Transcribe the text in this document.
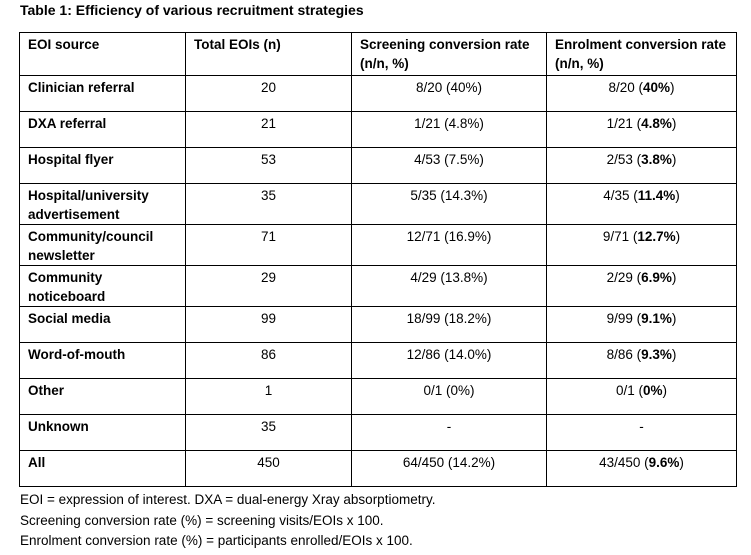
Table 1: Efficiency of various recruitment strategies
EOI source	Total EOIs (n)	Screening conversion rate (n/n, %)	Enrolment conversion rate (n/n, %)
Clinician referral	20	8/20 (40%)	8/20 (40%)
DXA referral	21	1/21 (4.8%)	1/21 (4.8%)
Hospital flyer	53	4/53 (7.5%)	2/53 (3.8%)
Hospital/university advertisement	35	5/35 (14.3%)	4/35 (11.4%)
Community/council newsletter	71	12/71 (16.9%)	9/71 (12.7%)
Community noticeboard	29	4/29 (13.8%)	2/29 (6.9%)
Social media	99	18/99 (18.2%)	9/99 (9.1%)
Word-of-mouth	86	12/86 (14.0%)	8/86 (9.3%)
Other	1	0/1 (0%)	0/1 (0%)
Unknown	35	-	-
All	450	64/450 (14.2%)	43/450 (9.6%)
EOI = expression of interest. DXA = dual-energy Xray absorptiometry.
Screening conversion rate (%) = screening visits/EOIs x 100.
Enrolment conversion rate (%) = participants enrolled/EOIs x 100.
